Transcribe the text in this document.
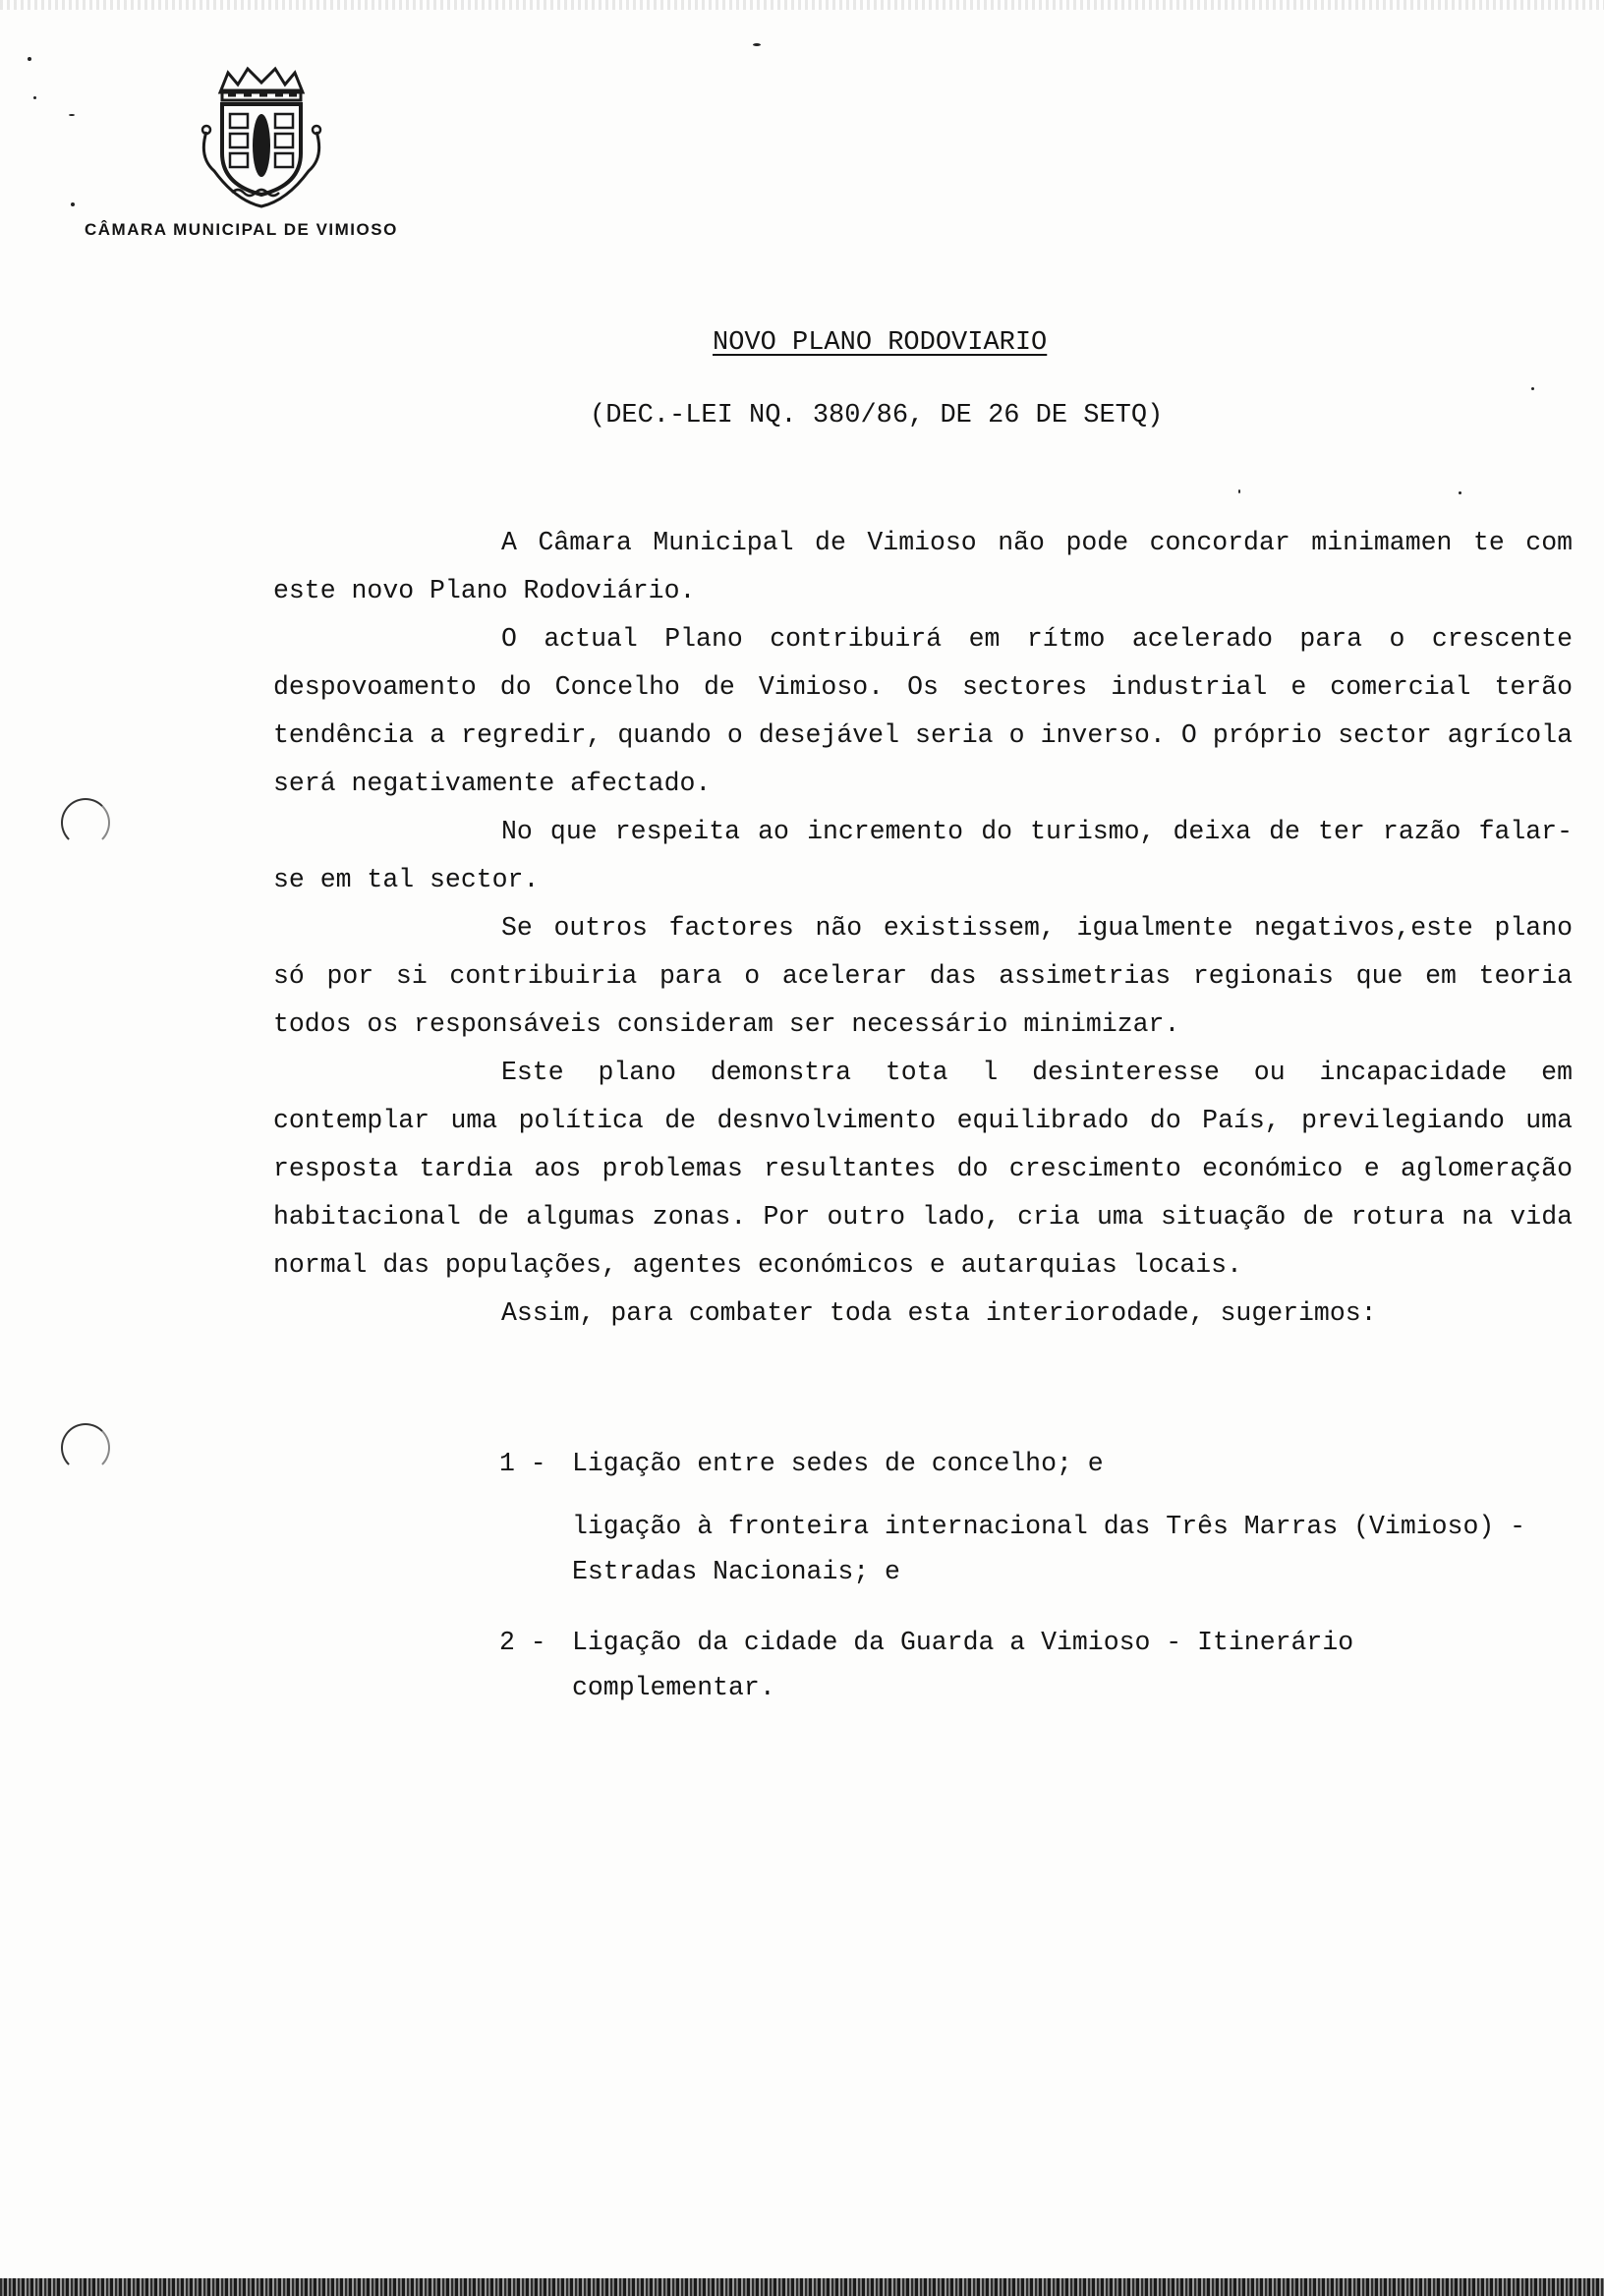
CÂMARA MUNICIPAL DE VIMIOSO
NOVO PLANO RODOVIARIO
(DEC.-LEI NQ. 380/86, DE 26 DE SETQ)

A Câmara Municipal de Vimioso não pode concordar minimamen te com este novo Plano Rodoviário.

O actual Plano contribuirá em rítmo acelerado para o crescente despovoamento do Concelho de Vimioso. Os sectores industrial e comercial terão tendência a regredir, quando o desejável seria o inverso. O próprio sector agrícola será negativamente afectado.

No que respeita ao incremento do turismo, deixa de ter razão falar-se em tal sector.

Se outros factores não existissem, igualmente negativos,este plano só por si contribuiria para o acelerar das assimetrias regionais que em teoria todos os responsáveis consideram ser necessário minimizar.

Este plano demonstra tota l desinteresse ou incapacidade em contemplar uma política de desnvolvimento equilibrado do País, previlegiando uma resposta tardia aos problemas resultantes do crescimento económico e aglomeração habitacional de algumas zonas. Por outro lado, cria uma situação de rotura na vida normal das populações, agentes económicos e autarquias locais.

Assim, para combater toda esta interiorodade, sugerimos:

1 - Ligação entre sedes de concelho; e
ligação à fronteira internacional das Três Marras (Vimioso) - Estradas Nacionais; e
2 - Ligação da cidade da Guarda a Vimioso - Itinerário complementar.
